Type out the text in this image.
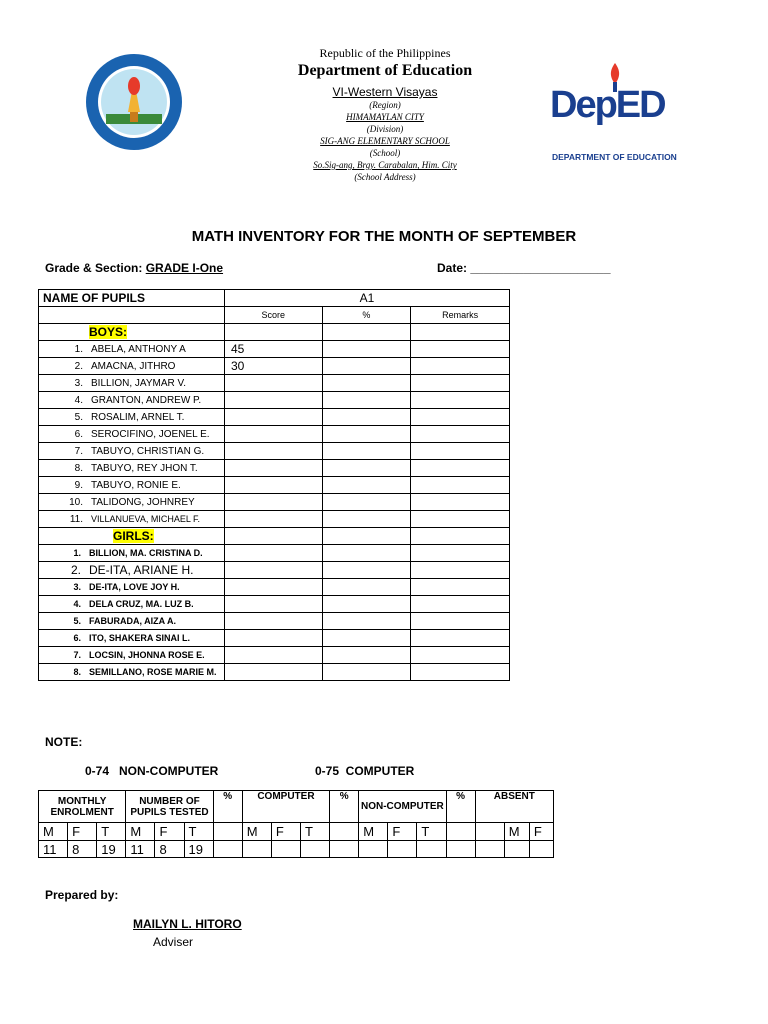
Republic of the Philippines
Department of Education
VI-Western Visayas
(Region)
HIMAMAYLAN CITY
(Division)
SIG-ANG ELEMENTARY SCHOOL
(School)
So.Sig-ang, Brgy. Carabalan, Him. City
(School Address)
DepED
DEPARTMENT OF EDUCATION
MATH INVENTORY FOR THE MONTH OF SEPTEMBER
Grade & Section: GRADE I-One	Date: _____________________
NAME OF PUPILS	A1		
	Score	%	Remarks
BOYS:			
1. ABELA, ANTHONY A	45		
2. AMACNA, JITHRO	30		
3. BILLION, JAYMAR V.			
4. GRANTON, ANDREW P.			
5. ROSALIM, ARNEL T.			
6. SEROCIFINO, JOENEL E.			
7. TABUYO, CHRISTIAN G.			
8. TABUYO, REY JHON T.			
9. TABUYO, RONIE E.			
10. TALIDONG, JOHNREY			
11. VILLANUEVA, MICHAEL F.			
GIRLS:			
1. BILLION, MA. CRISTINA D.			
2. DE-ITA, ARIANE H.			
3. DE-ITA, LOVE JOY H.			
4. DELA CRUZ, MA. LUZ B.			
5. FABURADA, AIZA A.			
6. ITO, SHAKERA SINAI L.			
7. LOCSIN, JHONNA ROSE E.			
8. SEMILLANO, ROSE MARIE M.			
NOTE:
0-74   NON-COMPUTER	0-75  COMPUTER
MONTHLY ENROLMENT			NUMBER OF PUPILS TESTED			%	COMPUTER			%	NON-COMPUTER			%	ABSENT		
M	F	T	M	F	T		M	F	T		M	F	T			M	F
11	8	19	11	8	19												
Prepared by:
MAILYN L. HITORO
Adviser
